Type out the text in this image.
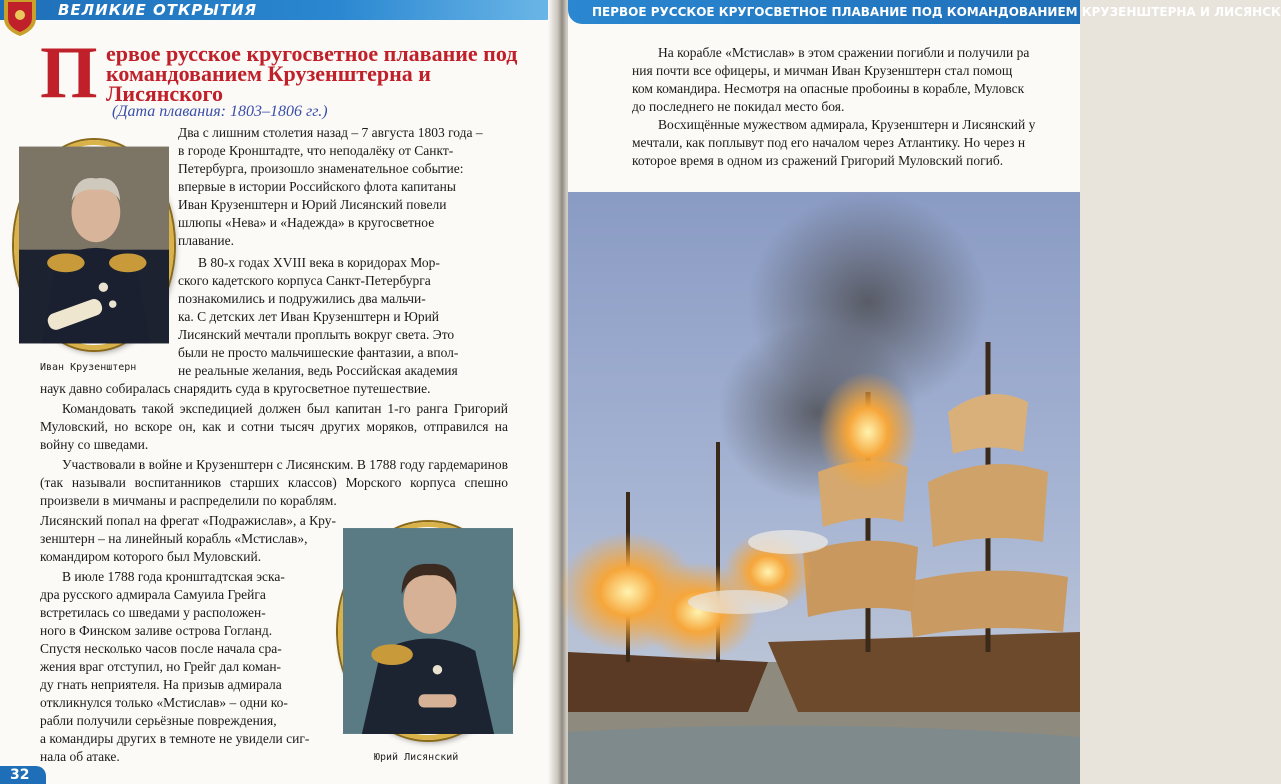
ВЕЛИКИЕ ОТКРЫТИЯ
П ервое русское кругосветное плавание под командованием Крузенштерна и Лисянского
(Дата плавания: 1803–1806 гг.)
Два с лишним столетия назад – 7 августа 1803 года –
в городе Кронштадте, что неподалёку от Санкт-
Петербурга, произошло знаменательное событие:
впервые в истории Российского флота капитаны
Иван Крузенштерн и Юрий Лисянский повели
шлюпы «Нева» и «Надежда» в кругосветное
плавание.
В 80-х годах XVIII века в коридорах Мор-
ского кадетского корпуса Санкт-Петербурга
познакомились и подружились два мальчи-
ка. С детских лет Иван Крузенштерн и Юрий
Лисянский мечтали проплыть вокруг света. Это
были не просто мальчишеские фантазии, а впол-
не реальные желания, ведь Российская академия
Иван Крузенштерн

наук давно собиралась снарядить суда в кругосветное путешествие.

Командовать такой экспедицией должен был капитан 1-го ранга Григорий Муловский, но вскоре он, как и сотни тысяч других моряков, отправился на войну со шведами.

Участвовали в войне и Крузенштерн с Лисянским. В 1788 году гардемаринов (так называли воспитанников старших классов) Морского корпуса спешно произвели в мичманы и распределили по кораблям.

Лисянский попал на фрегат «Подражислав», а Кру-
зенштерн – на линейный корабль «Мстислав»,
командиром которого был Муловский.
В июле 1788 года кронштадтская эска-
дра русского адмирала Самуила Грейга
встретилась со шведами у расположен-
ного в Финском заливе острова Гогланд.
Спустя несколько часов после начала сра-
жения враг отступил, но Грейг дал коман-
ду гнать неприятеля. На призыв адмирала
откликнулся только «Мстислав» – одни ко-
рабли получили серьёзные повреждения,
а командиры других в темноте не увидели сиг-
нала об атаке.	Юрий Лисянский
32
ПЕРВОЕ РУССКОЕ КРУГОСВЕТНОЕ ПЛАВАНИЕ ПОД КОМАНДОВАНИЕМ КРУЗЕНШТЕРНА И ЛИСЯНСК
На корабле «Мстислав» в этом сражении погибли и получили ра
ния почти все офицеры, и мичман Иван Крузенштерн стал помощ
ком командира. Несмотря на опасные пробоины в корабле, Муловск
до последнего не покидал место боя.
Восхищённые мужеством адмирала, Крузенштерн и Лисянский у
мечтали, как поплывут под его началом через Атлантику. Но через н
которое время в одном из сражений Григорий Муловский погиб.
